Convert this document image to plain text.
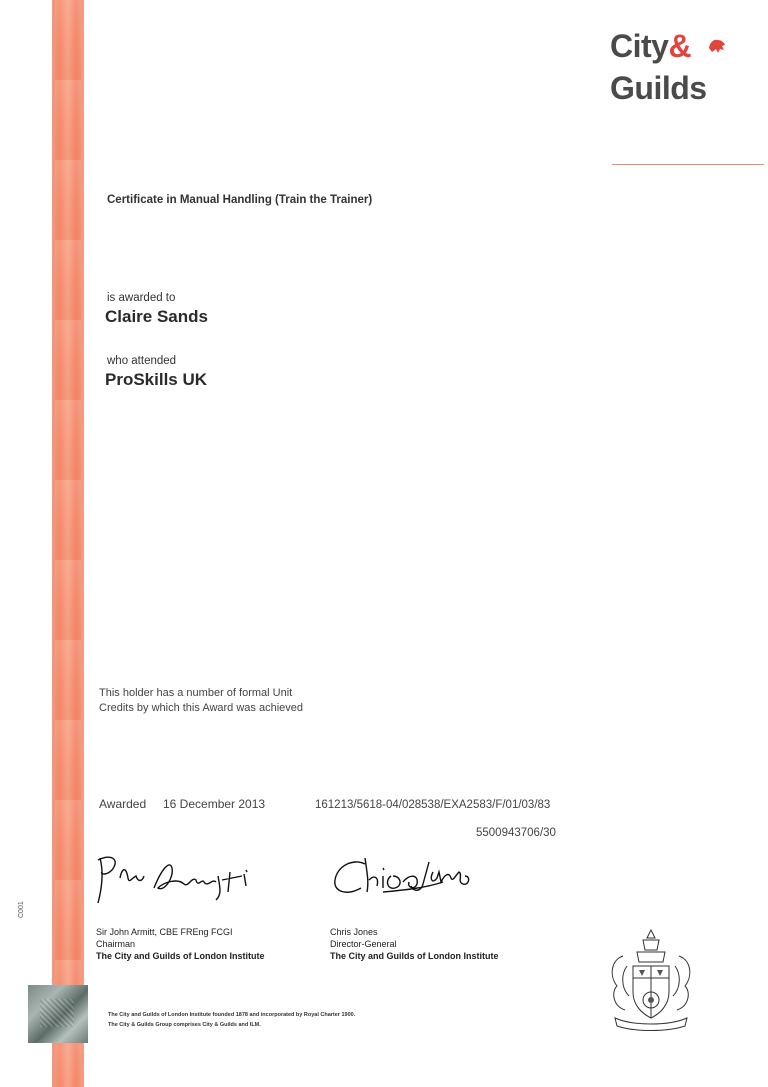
City&
Guilds
Certificate in Manual Handling (Train the Trainer)
is awarded to
Claire Sands
who attended
ProSkills UK
This holder has a number of formal Unit
Credits by which this Award was achieved
Awarded 16 December 2013	161213/5618-04/028538/EXA2583/F/01/03/83
5500943706/30
Sir John Armitt, CBE FREng FCGI
Chairman
The City and Guilds of London Institute
Chris Jones
Director-General
The City and Guilds of London Institute
C001
The City and Guilds of London Institute founded 1878 and incorporated by Royal Charter 1900.
The City & Guilds Group comprises City & Guilds and ILM.
